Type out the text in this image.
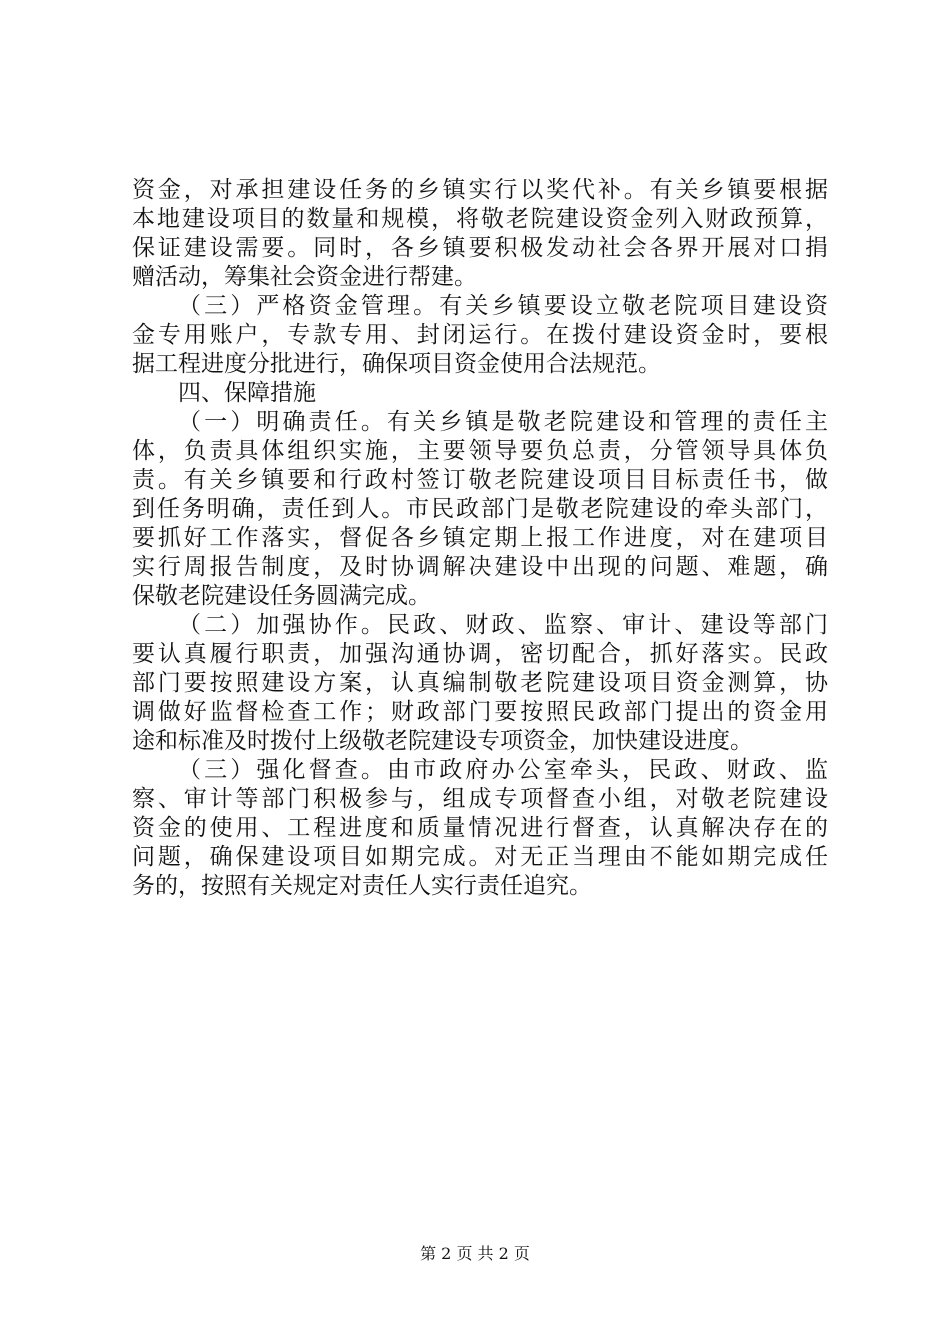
资金，对承担建设任务的乡镇实行以奖代补。有关乡镇要根据
本地建设项目的数量和规模，将敬老院建设资金列入财政预算，
保证建设需要。同时，各乡镇要积极发动社会各界开展对口捐
赠活动，筹集社会资金进行帮建。
（三）严格资金管理。有关乡镇要设立敬老院项目建设资
金专用账户，专款专用、封闭运行。在拨付建设资金时，要根
据工程进度分批进行，确保项目资金使用合法规范。
四、保障措施
（一）明确责任。有关乡镇是敬老院建设和管理的责任主
体，负责具体组织实施，主要领导要负总责，分管领导具体负
责。有关乡镇要和行政村签订敬老院建设项目目标责任书，做
到任务明确，责任到人。市民政部门是敬老院建设的牵头部门，
要抓好工作落实，督促各乡镇定期上报工作进度，对在建项目
实行周报告制度，及时协调解决建设中出现的问题、难题，确
保敬老院建设任务圆满完成。
（二）加强协作。民政、财政、监察、审计、建设等部门
要认真履行职责，加强沟通协调，密切配合，抓好落实。民政
部门要按照建设方案，认真编制敬老院建设项目资金测算，协
调做好监督检查工作；财政部门要按照民政部门提出的资金用
途和标准及时拨付上级敬老院建设专项资金，加快建设进度。
（三）强化督查。由市政府办公室牵头，民政、财政、监
察、审计等部门积极参与，组成专项督查小组，对敬老院建设
资金的使用、工程进度和质量情况进行督查，认真解决存在的
问题，确保建设项目如期完成。对无正当理由不能如期完成任
务的，按照有关规定对责任人实行责任追究。
第 2 页 共 2 页
